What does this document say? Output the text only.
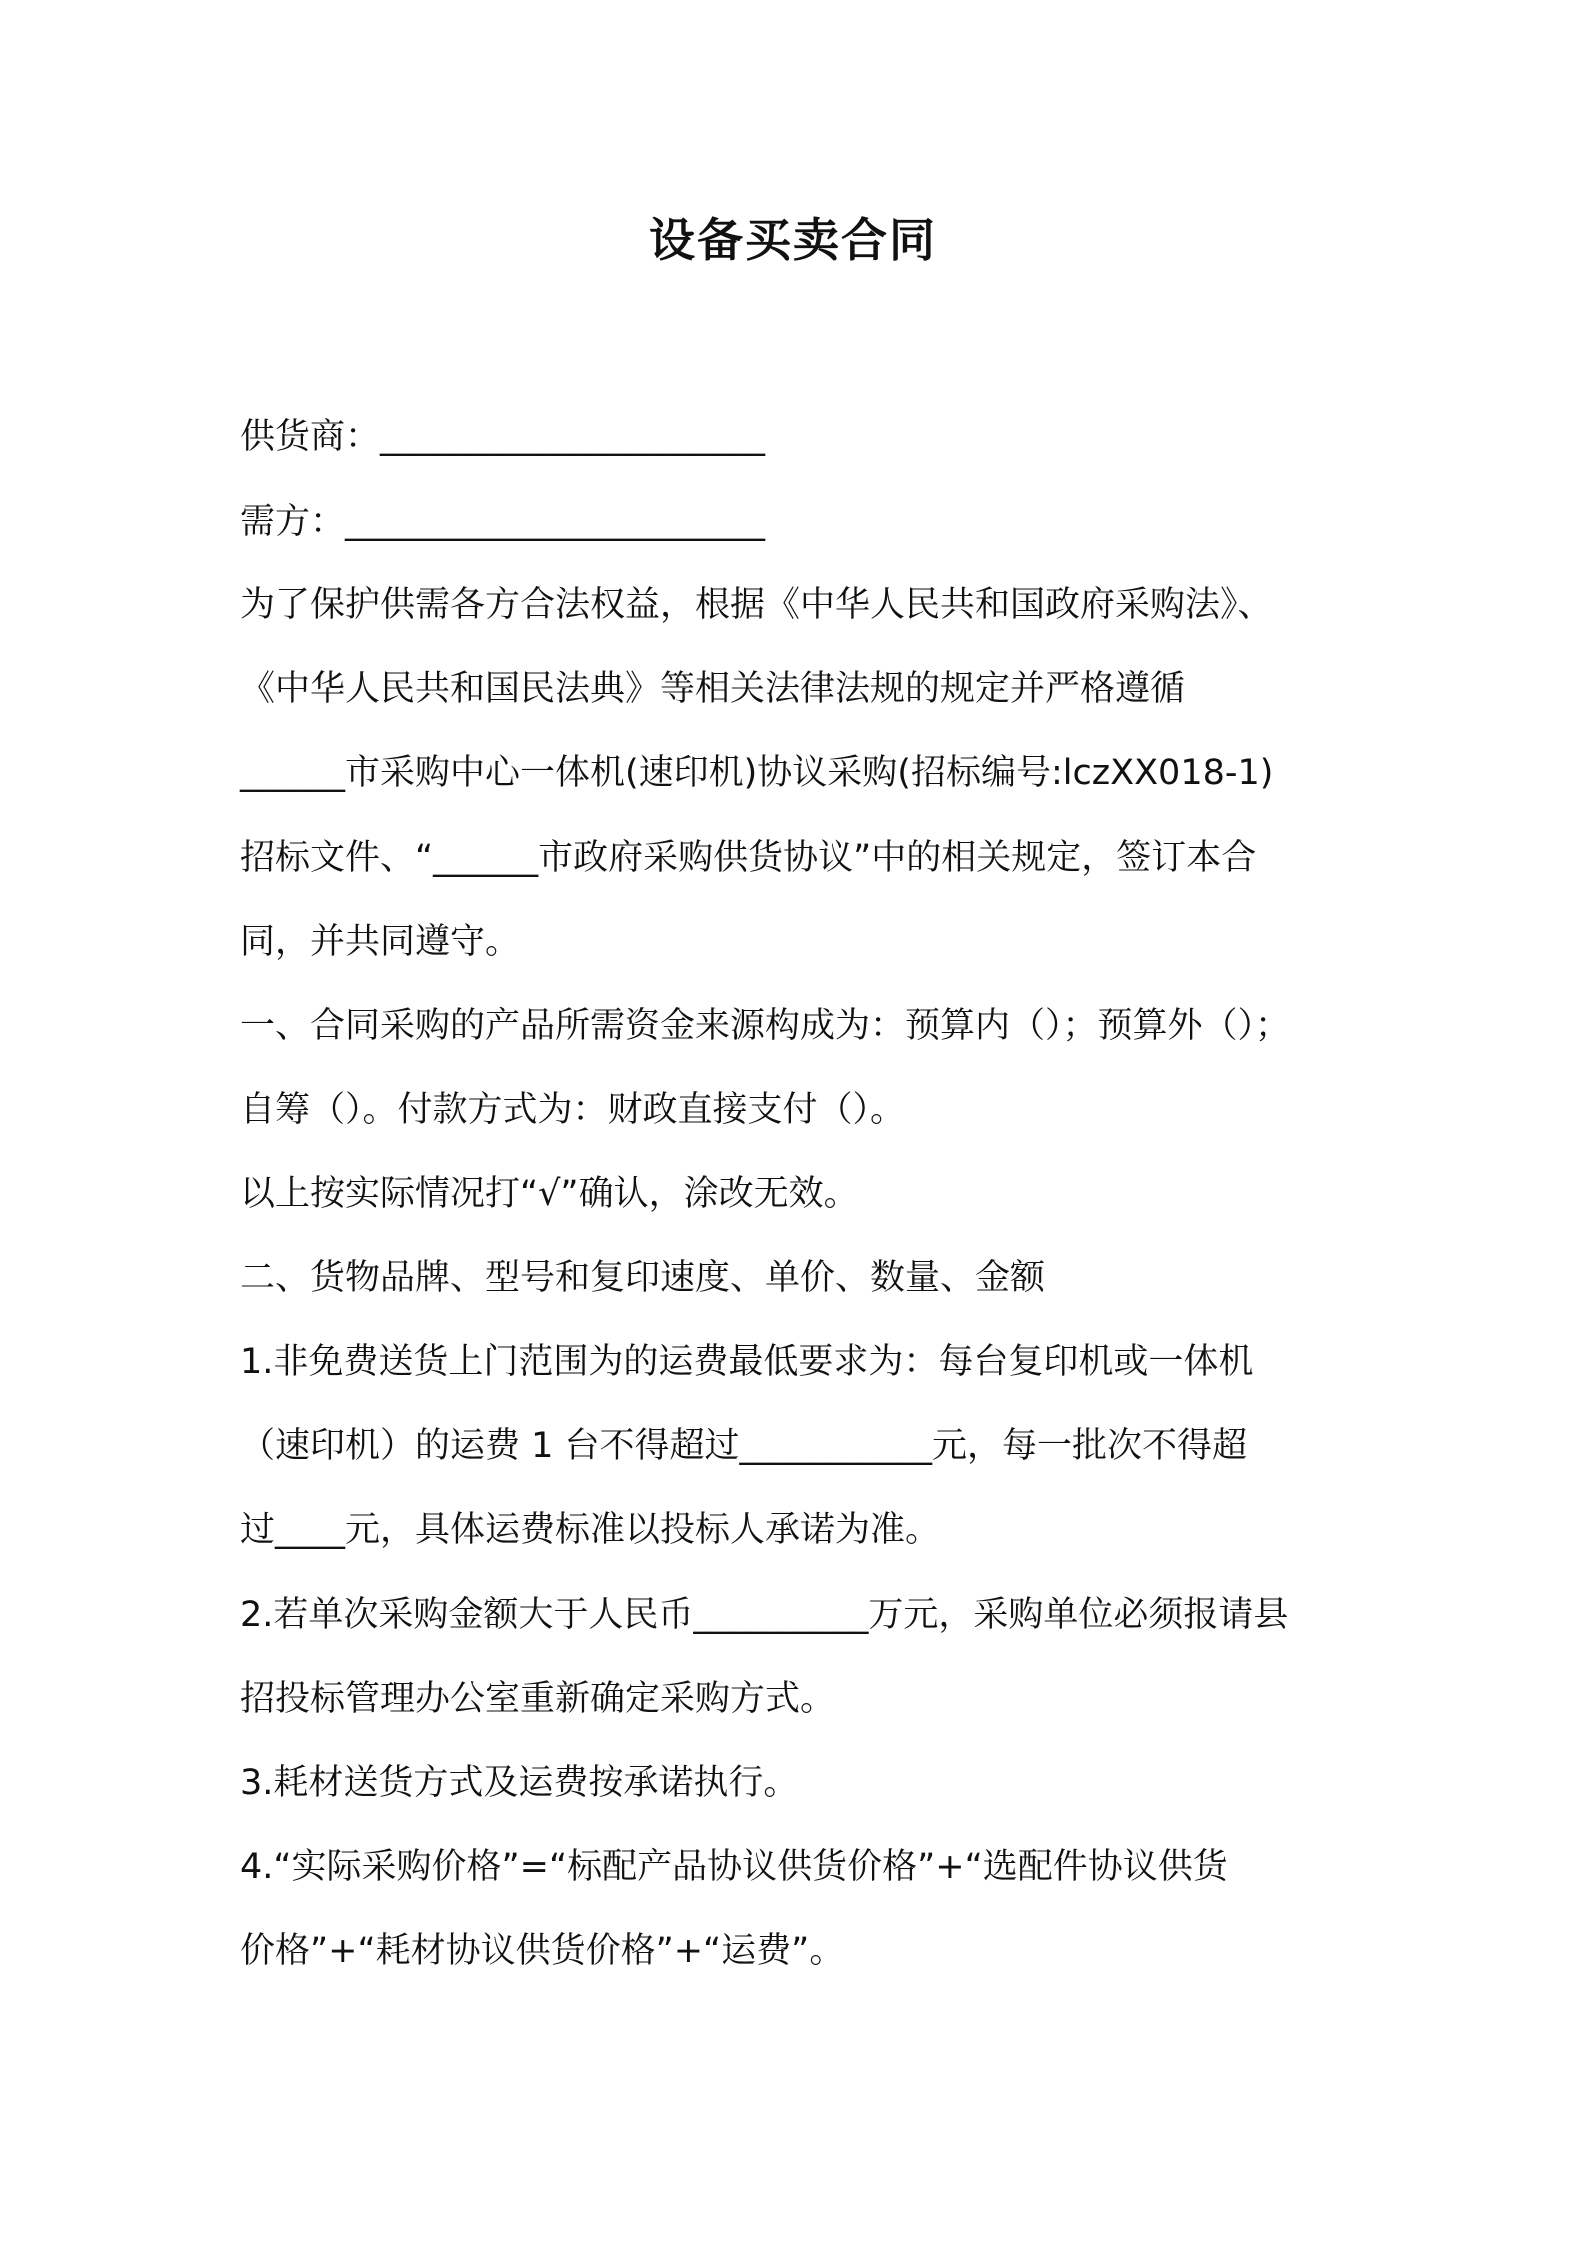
设备买卖合同
供货商：______________________
需方：________________________
为了保护供需各方合法权益，根据《中华人民共和国政府采购法》、
《中华人民共和国民法典》等相关法律法规的规定并严格遵循
______市采购中心一体机(速印机)协议采购(招标编号:lczXX018-1)
招标文件、“______市政府采购供货协议”中的相关规定，签订本合
同，并共同遵守。
一、合同采购的产品所需资金来源构成为：预算内（）；预算外（）；
自筹（）。付款方式为：财政直接支付（）。
以上按实际情况打“√”确认，涂改无效。
二、货物品牌、型号和复印速度、单价、数量、金额
1.非免费送货上门范围为的运费最低要求为：每台复印机或一体机
（速印机）的运费 1 台不得超过___________元，每一批次不得超
过____元，具体运费标准以投标人承诺为准。
2.若单次采购金额大于人民币__________万元，采购单位必须报请县
招投标管理办公室重新确定采购方式。
3.耗材送货方式及运费按承诺执行。
4.“实际采购价格”=“标配产品协议供货价格”+“选配件协议供货
价格”+“耗材协议供货价格”+“运费”。
